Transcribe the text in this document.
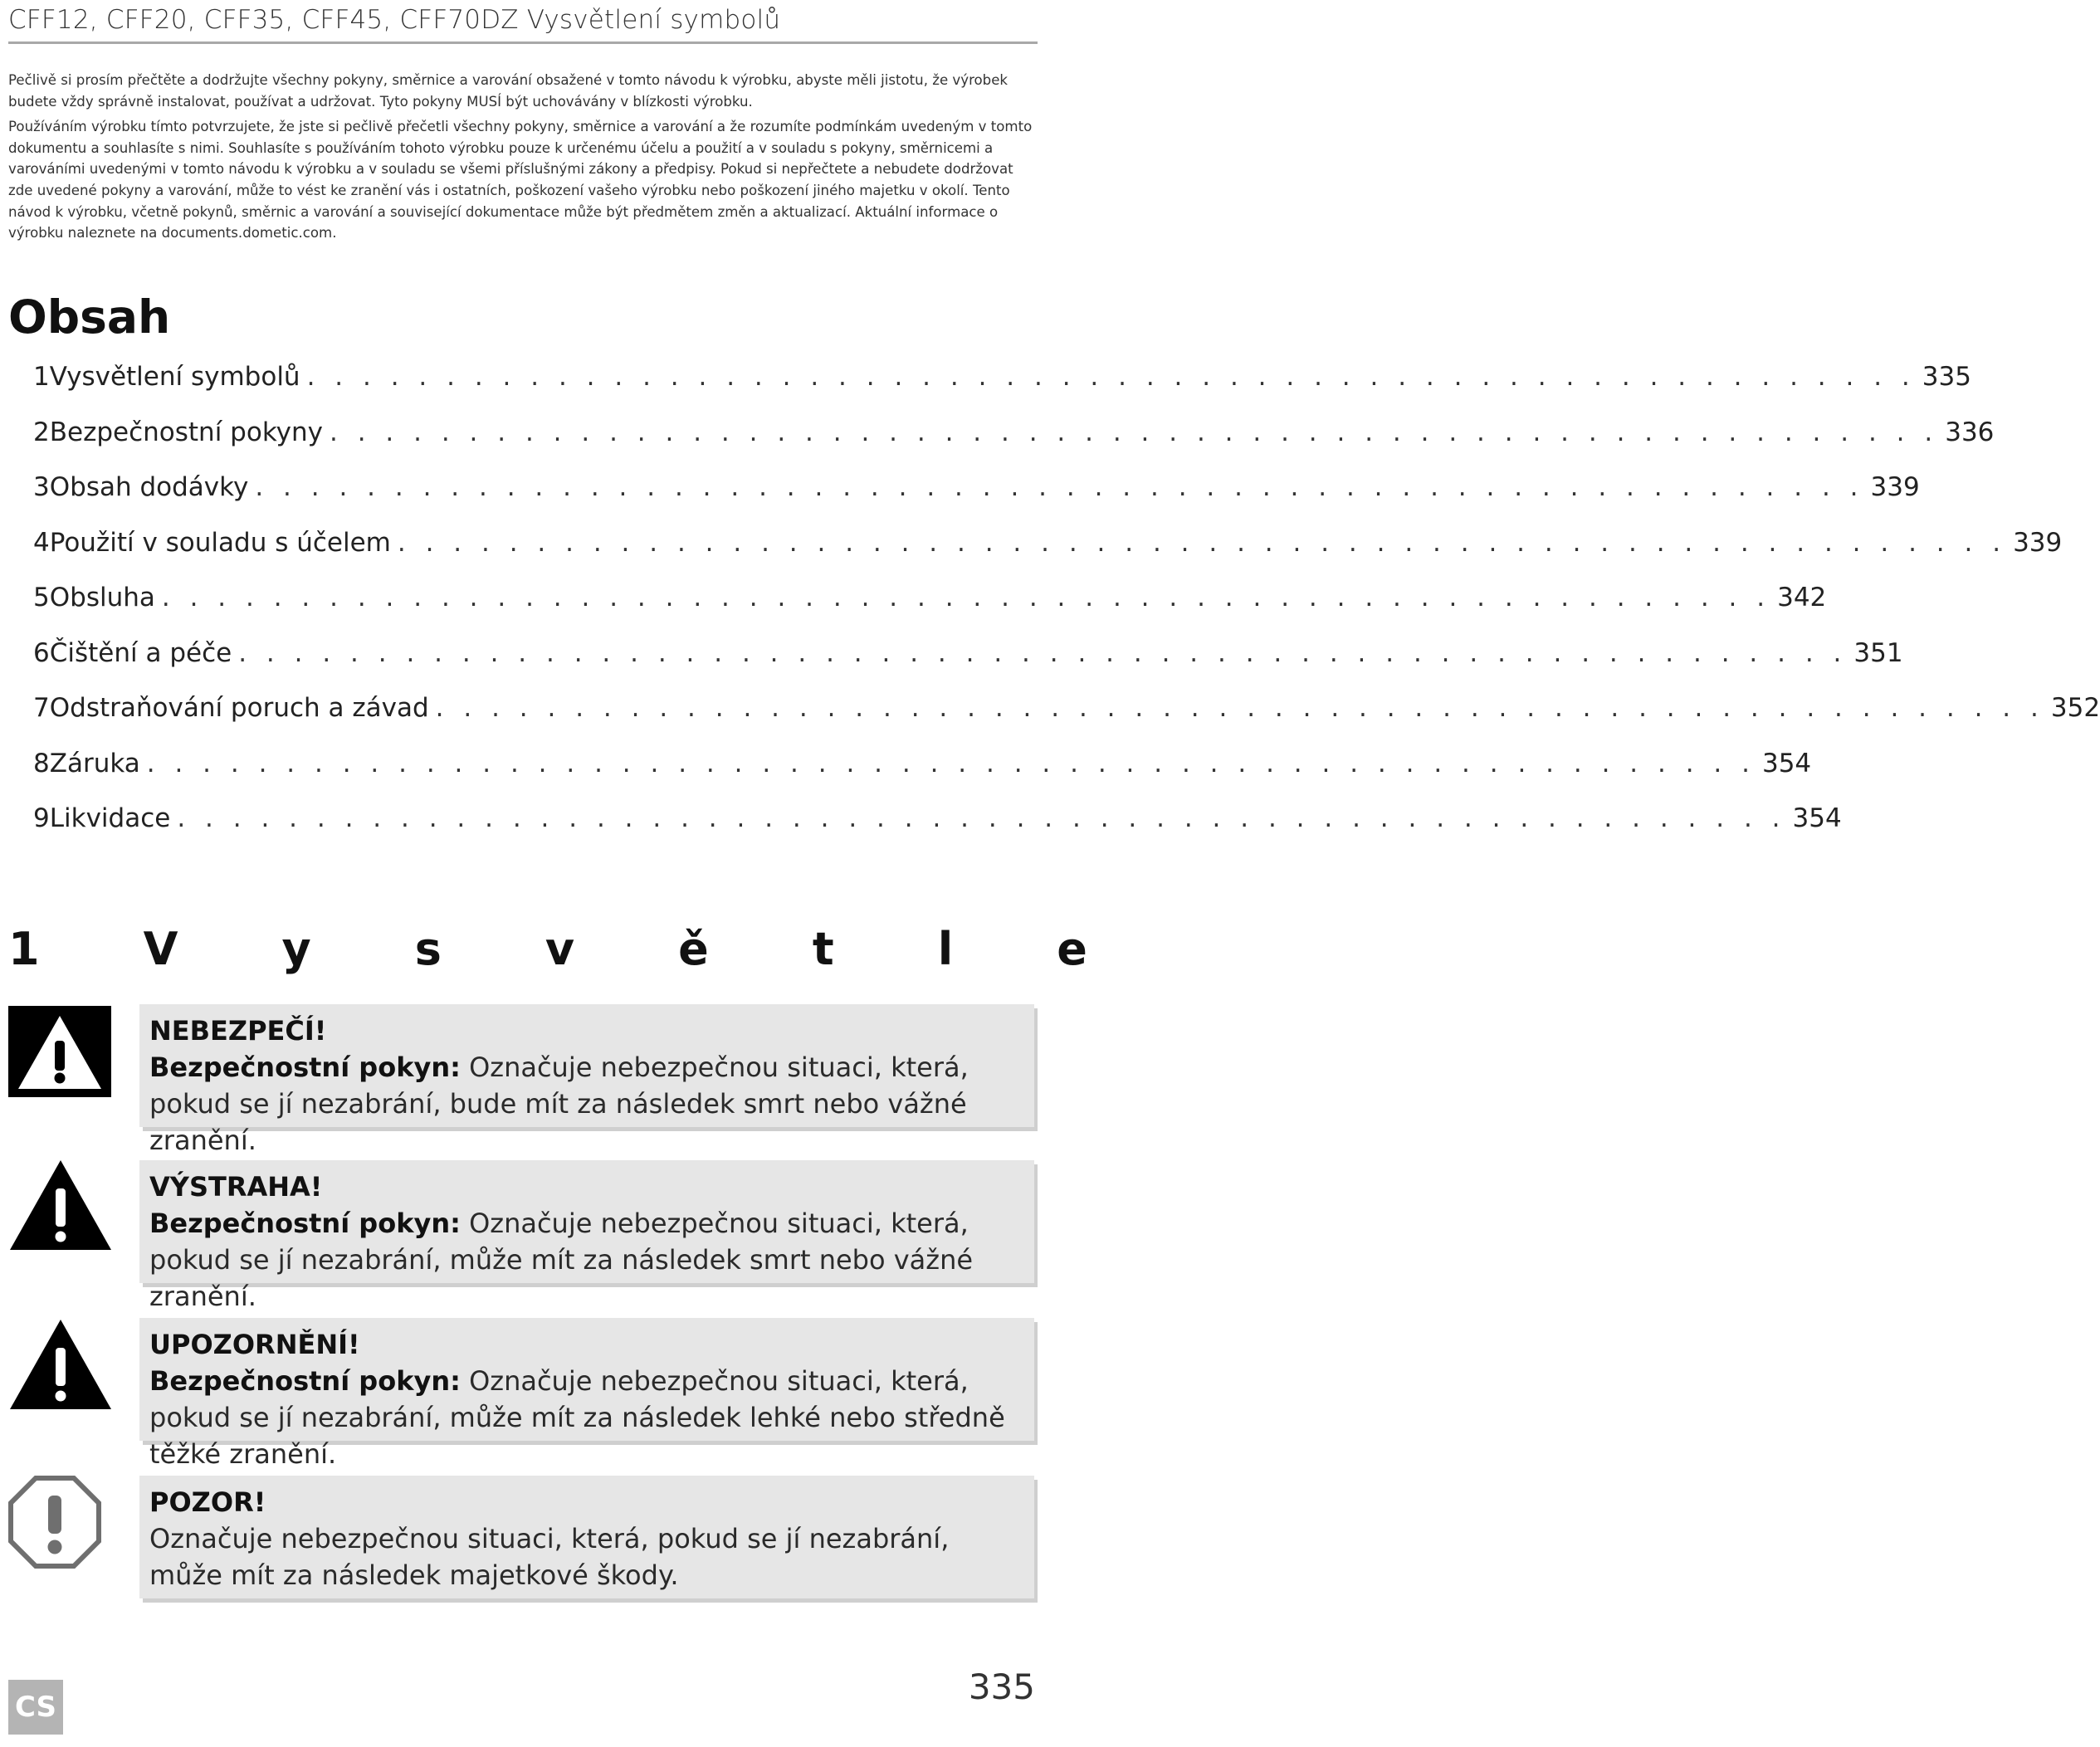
CFF12, CFF20, CFF35, CFF45, CFF70DZ Vysvětlení symbolů

Pečlivě si prosím přečtěte a dodržujte všechny pokyny, směrnice a varování obsažené v tomto návodu k výrobku, abyste měli jistotu, že výrobek budete vždy správně instalovat, používat a udržovat. Tyto pokyny MUSÍ být uchovávány v blízkosti výrobku.

Používáním výrobku tímto potvrzujete, že jste si pečlivě přečetli všechny pokyny, směrnice a varování a že rozumíte podmínkám uvedeným v tomto dokumentu a souhlasíte s nimi. Souhlasíte s používáním tohoto výrobku pouze k určenému účelu a použití a v souladu s pokyny, směrnicemi a varováními uvedenými v tomto návodu k výrobku a v souladu se všemi příslušnými zákony a předpisy. Pokud si nepřečtete a nebudete dodržovat zde uvedené pokyny a varování, může to vést ke zranění vás i ostatních, poškození vašeho výrobku nebo poškození jiného majetku v okolí. Tento návod k výrobku, včetně pokynů, směrnic a varování a související dokumentace může být předmětem změn a aktualizací. Aktuální informace o výrobku naleznete na documents.dometic.com.

Obsah
1 Vysvětlení symbolů . . . . . . . . . . . . . . . . . . . . . . . . . . . . . . . . . . . . . . . . . . . . . . . . . . . . . . . . . . 335
2 Bezpečnostní pokyny . . . . . . . . . . . . . . . . . . . . . . . . . . . . . . . . . . . . . . . . . . . . . . . . . . . . . . . . . . 336
3 Obsah dodávky . . . . . . . . . . . . . . . . . . . . . . . . . . . . . . . . . . . . . . . . . . . . . . . . . . . . . . . . . . 339
4 Použití v souladu s účelem . . . . . . . . . . . . . . . . . . . . . . . . . . . . . . . . . . . . . . . . . . . . . . . . . . . . . . . . . . 339
5 Obsluha . . . . . . . . . . . . . . . . . . . . . . . . . . . . . . . . . . . . . . . . . . . . . . . . . . . . . . . . . . 342
6 Čištění a péče . . . . . . . . . . . . . . . . . . . . . . . . . . . . . . . . . . . . . . . . . . . . . . . . . . . . . . . . . . 351
7 Odstraňování poruch a závad . . . . . . . . . . . . . . . . . . . . . . . . . . . . . . . . . . . . . . . . . . . . . . . . . . . . . . . . . . 352
8 Záruka . . . . . . . . . . . . . . . . . . . . . . . . . . . . . . . . . . . . . . . . . . . . . . . . . . . . . . . . . . 354
9 Likvidace . . . . . . . . . . . . . . . . . . . . . . . . . . . . . . . . . . . . . . . . . . . . . . . . . . . . . . . . . . 354
1 V y s v ě t l e
NEBEZPEČÍ!
Bezpečnostní pokyn: Označuje nebezpečnou situaci, která, pokud se jí nezabrání, bude mít za následek smrt nebo vážné zranění.
VÝSTRAHA!
Bezpečnostní pokyn: Označuje nebezpečnou situaci, která, pokud se jí nezabrání, může mít za následek smrt nebo vážné zranění.
UPOZORNĚNÍ!
Bezpečnostní pokyn: Označuje nebezpečnou situaci, která, pokud se jí nezabrání, může mít za následek lehké nebo středně těžké zranění.
POZOR!
Označuje nebezpečnou situaci, která, pokud se jí nezabrání, může mít za následek majetkové škody.
CS	335
